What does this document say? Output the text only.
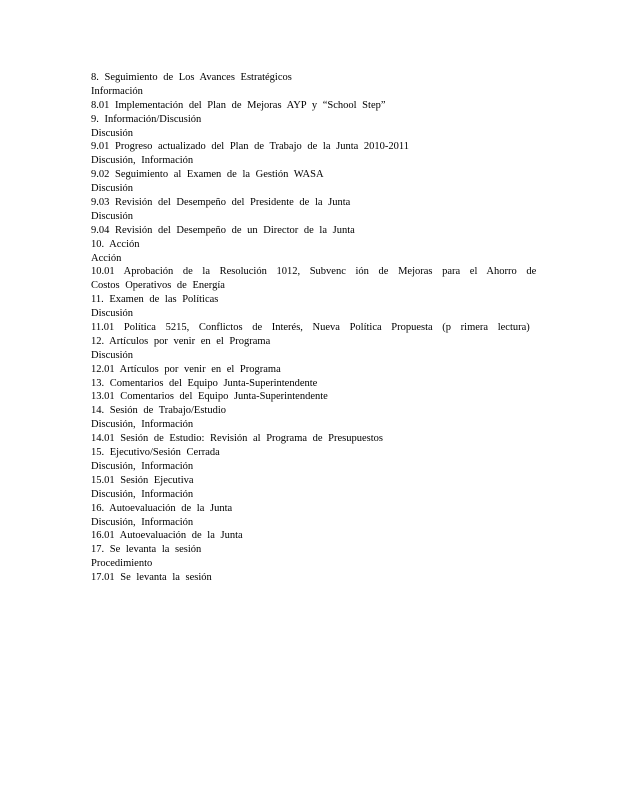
8. Seguimiento de Los Avances Estratégicos
Información
8.01 Implementación del Plan de Mejoras AYP y “School Step”
9. Información/Discusión
Discusión
9.01 Progreso actualizado del Plan de Trabajo de la Junta 2010-2011
Discusión, Información
9.02 Seguimiento al Examen de la Gestión WASA
Discusión
9.03 Revisión del Desempeño del Presidente de la Junta
Discusión
9.04 Revisión del Desempeño de un Director de la Junta
10. Acción
Acción
10.01 Aprobación de la Resolución 1012, Subvenc ión de Mejoras para el Ahorro de
Costos Operativos de Energía
11. Examen de las Políticas
Discusión
11.01 Política 5215, Conflictos de Interés, Nueva Política Propuesta (p rimera lectura)
12. Artículos por venir en el Programa
Discusión
12.01 Artículos por venir en el Programa
13. Comentarios del Equipo Junta-Superintendente
13.01 Comentarios del Equipo Junta-Superintendente
14. Sesión de Trabajo/Estudio
Discusión, Información
14.01 Sesión de Estudio: Revisión al Programa de Presupuestos
15. Ejecutivo/Sesión Cerrada
Discusión, Información
15.01 Sesión Ejecutiva
Discusión, Información
16. Autoevaluación de la Junta
Discusión, Información
16.01 Autoevaluación de la Junta
17. Se levanta la sesión
Procedimiento
17.01 Se levanta la sesión
